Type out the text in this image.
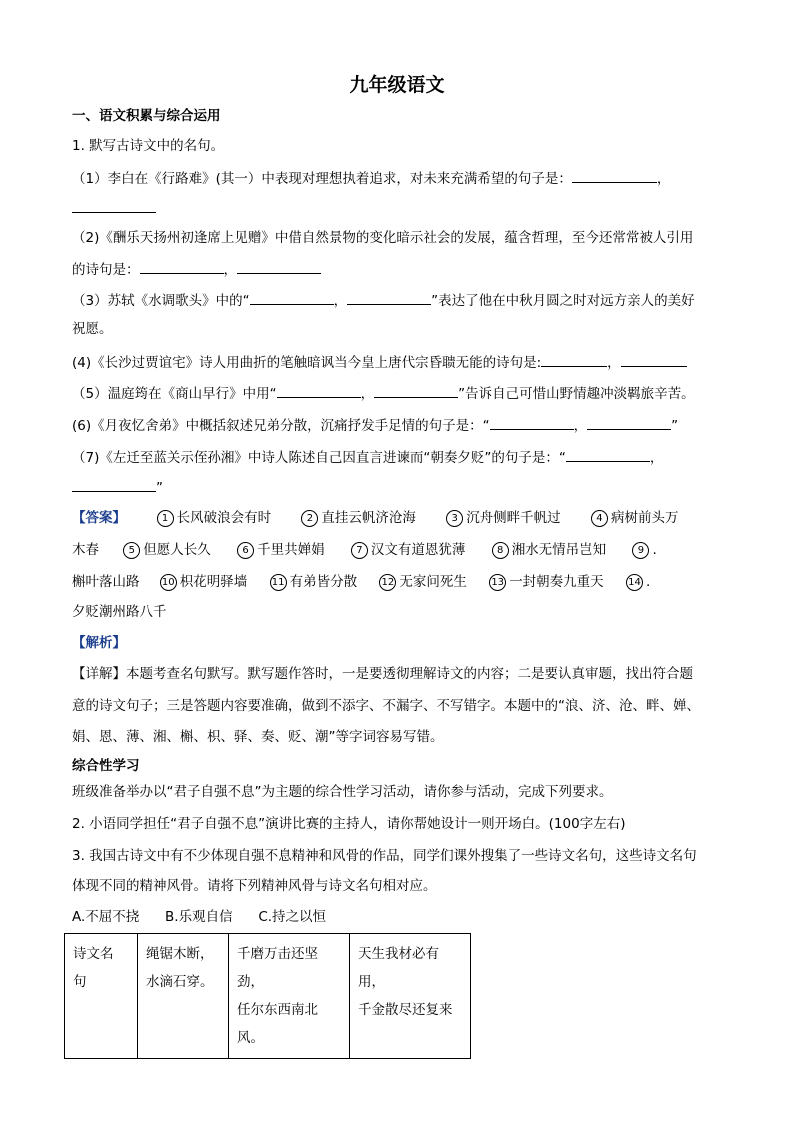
九年级语文
一、语文积累与综合运用
1. 默写古诗文中的名句。
（1）李白在《行路难》(其一）中表现对理想执着追求，对未来充满希望的句子是：	，
（2)《酬乐天扬州初逢席上见赠》中借自然景物的变化暗示社会的发展，蕴含哲理，至今还常常被人引用
的诗句是：	，
（3）苏轼《水调歌头》中的“	，	”表达了他在中秋月圆之时对远方亲人的美好
祝愿。
(4)《长沙过贾谊宅》诗人用曲折的笔触暗讽当今皇上唐代宗昏聩无能的诗句是:	，
（5）温庭筠在《商山早行》中用“	，	”告诉自己可惜山野情趣冲淡羁旅辛苦。
(6)《月夜忆舍弟》中概括叙述兄弟分散，沉痛抒发手足情的句子是：“	，	”
（7)《左迁至蓝关示侄孙湘》中诗人陈述自己因直言进谏而“朝奏夕贬”的句子是：“	，
”
【答案】	1 长风破浪会有时	2 直挂云帆济沧海	3 沉舟侧畔千帆过	4 病树前头万
木春	5 但愿人长久	6 千里共婵娟	7 汉文有道恩犹薄	8 湘水无情吊岂知	9 .
槲叶落山路 10 枳花明驿墙 11 有弟皆分散 12 无家问死生 13 一封朝奏九重天 14 .
夕贬潮州路八千
【解析】
【详解】本题考查名句默写。默写题作答时，一是要透彻理解诗文的内容；二是要认真审题，找出符合题
意的诗文句子；三是答题内容要准确，做到不添字、不漏字、不写错字。本题中的“浪、济、沧、畔、婵、
娟、恩、薄、湘、槲、枳、驿、奏、贬、潮”等字词容易写错。
综合性学习
班级准备举办以“君子自强不息”为主题的综合性学习活动，请你参与活动，完成下列要求。
2. 小语同学担任“君子自强不息”演讲比赛的主持人，请你帮她设计一则开场白。(100字左右)
3. 我国古诗文中有不少体现自强不息精神和风骨的作品，同学们课外搜集了一些诗文名句，这些诗文名句
体现不同的精神风骨。请将下列精神风骨与诗文名句相对应。
A.不屈不挠      B.乐观自信      C.持之以恒
诗文名
句

绳锯木断，
水滴石穿。

千磨万击还坚劲，
任尔东西南北风。

天生我材必有用，
千金散尽还复来
